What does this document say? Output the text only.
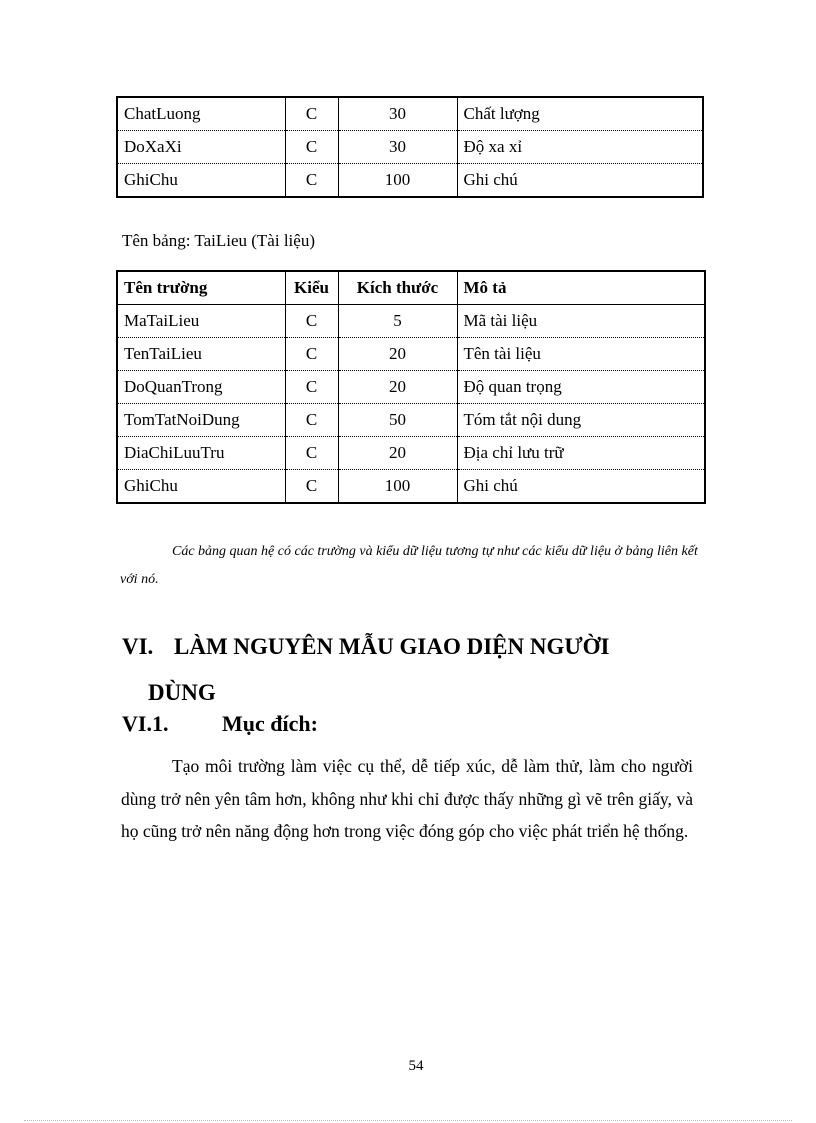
ChatLuong	C	30	Chất lượng
DoXaXi	C	30	Độ xa xỉ
GhiChu	C	100	Ghi chú
Tên bảng: TaiLieu (Tài liệu)
Tên trường	Kiểu	Kích thước	Mô tả
MaTaiLieu	C	5	Mã tài liệu
TenTaiLieu	C	20	Tên tài liệu
DoQuanTrong	C	20	Độ quan trọng
TomTatNoiDung	C	50	Tóm tắt nội dung
DiaChiLuuTru	C	20	Địa chỉ lưu trữ
GhiChu	C	100	Ghi chú
Các bảng quan hệ có các trường và kiểu dữ liệu tương tự như các kiểu dữ liệu ở bảng liên kết với nó.
VI. LÀM NGUYÊN MẪU GIAO DIỆN NGƯỜI
DÙNG
VI.1. Mục đích:
Tạo môi trường làm việc cụ thể, dễ tiếp xúc, dễ làm thử, làm cho người dùng trở nên yên tâm hơn, không như khi chỉ được thấy những gì vẽ trên giấy, và họ cũng trở nên năng động hơn trong việc đóng góp cho việc phát triển hệ thống.
54
